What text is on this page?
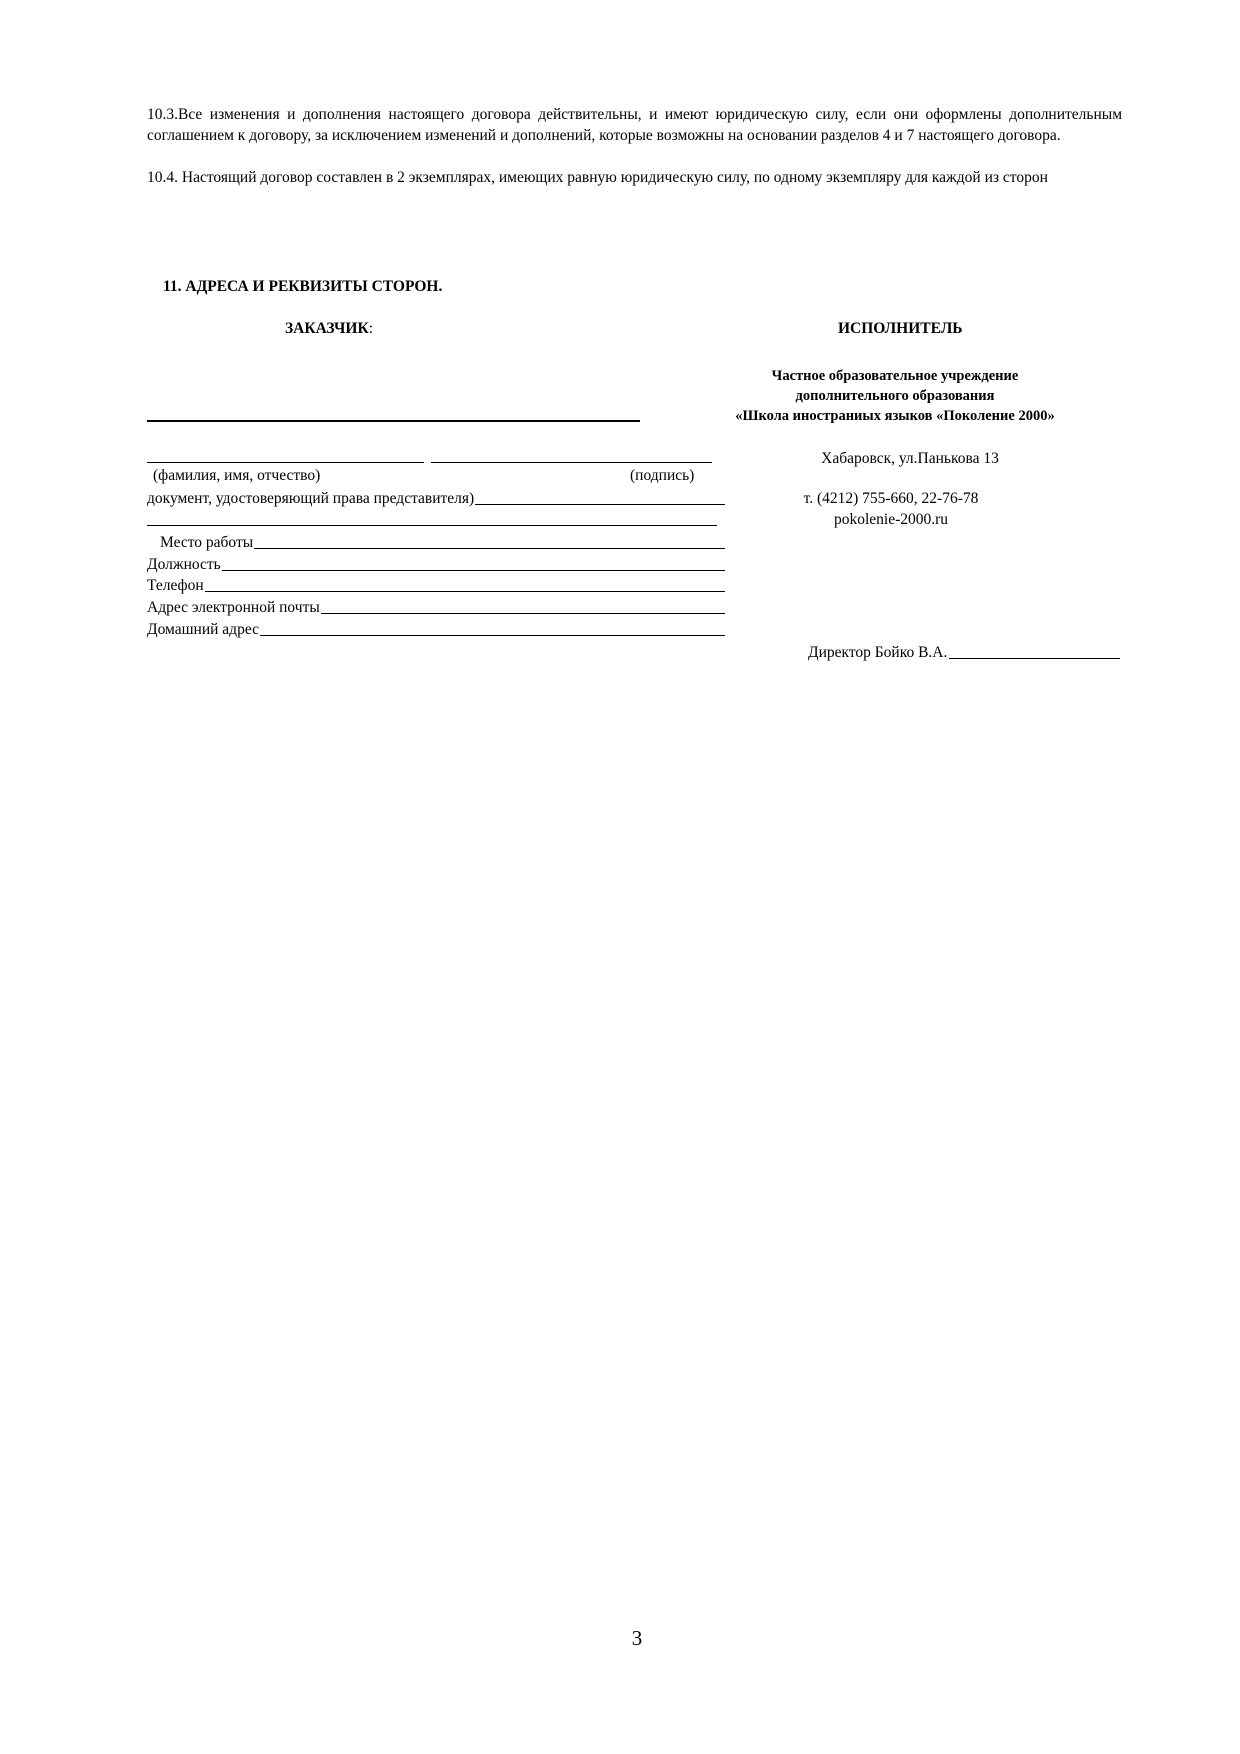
10.3.Все изменения и дополнения настоящего договора действительны, и имеют юридическую силу, если они оформлены дополнительным соглашением к договору, за исключением изменений и дополнений, которые возможны на основании разделов 4 и 7 настоящего договора.
10.4. Настоящий договор составлен в 2 экземплярах, имеющих равную юридическую силу, по одному экземпляру для каждой из сторон
11. АДРЕСА И РЕКВИЗИТЫ СТОРОН.
ЗАКАЗЧИК:	ИСПОЛНИТЕЛЬ
(фамилия, имя, отчество)	(подпись)
документ, удостоверяющий права представителя)
Место работы
Должность
Телефон
Адрес электронной почты
Домашний адрес
Частное образовательное учреждение
дополнительного образования
«Школа иностраниых языков «Поколение 2000»
Хабаровск, ул.Панькова 13
т. (4212) 755-660, 22-76-78
pokolenie-2000.ru
Директор Бойко В.А.
3
